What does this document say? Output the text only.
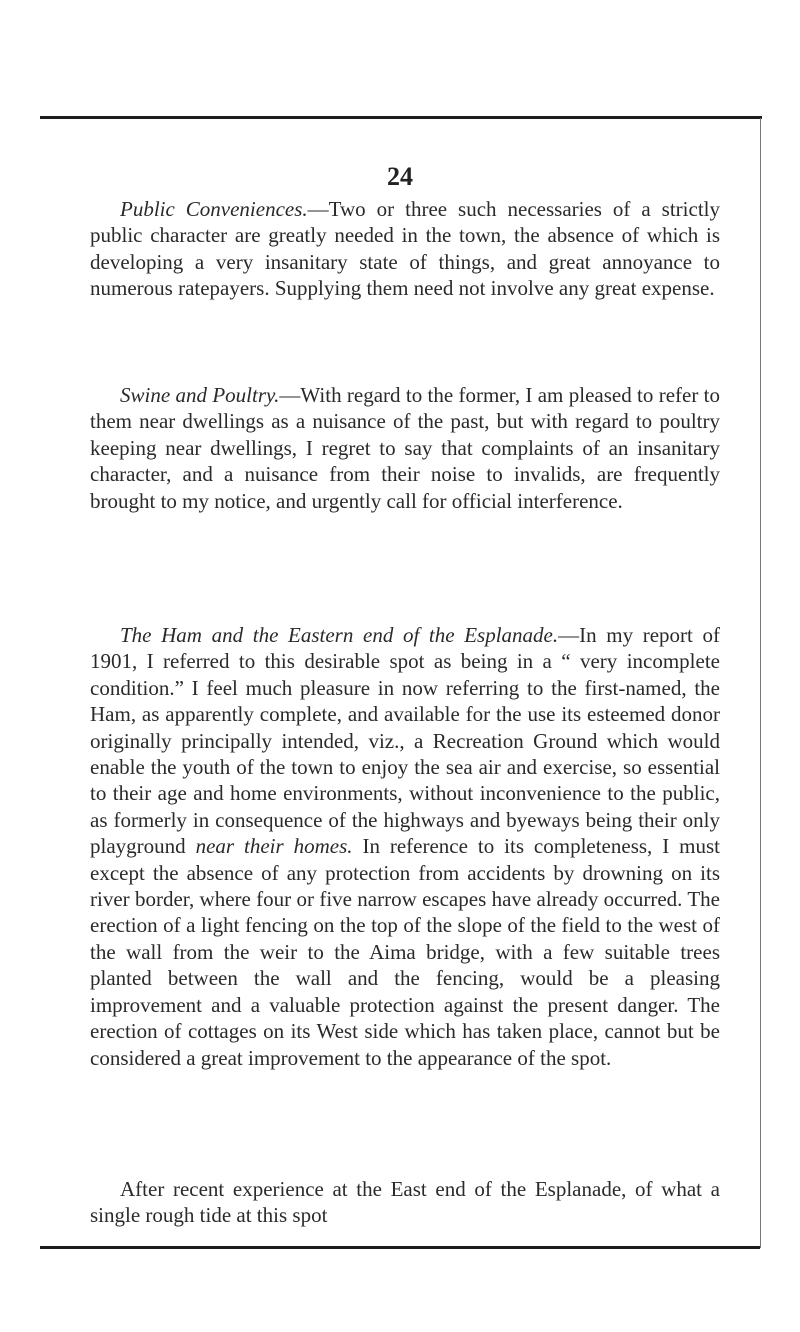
24

Public Conveniences.—Two or three such necessaries of a strictly public character are greatly needed in the town, the absence of which is developing a very insanitary state of things, and great annoyance to numerous ratepayers. Supplying them need not involve any great expense.

Swine and Poultry.—With regard to the former, I am pleased to refer to them near dwellings as a nuisance of the past, but with regard to poultry keeping near dwellings, I regret to say that complaints of an insanitary character, and a nuisance from their noise to invalids, are frequently brought to my notice, and urgently call for official interference.

The Ham and the Eastern end of the Esplanade.—In my report of 1901, I referred to this desirable spot as being in a “ very incomplete condition.” I feel much pleasure in now referring to the first-named, the Ham, as apparently complete, and available for the use its esteemed donor originally principally intended, viz., a Recreation Ground which would enable the youth of the town to enjoy the sea air and exercise, so essential to their age and home environments, without inconvenience to the public, as formerly in consequence of the highways and byeways being their only playground near their homes. In reference to its completeness, I must except the absence of any protection from accidents by drowning on its river border, where four or five narrow escapes have already occurred. The erection of a light fencing on the top of the slope of the field to the west of the wall from the weir to the Aima bridge, with a few suitable trees planted between the wall and the fencing, would be a pleasing improvement and a valuable protection against the present danger. The erection of cottages on its West side which has taken place, cannot but be considered a great improvement to the appearance of the spot.

After recent experience at the East end of the Esplanade, of what a single rough tide at this spot
